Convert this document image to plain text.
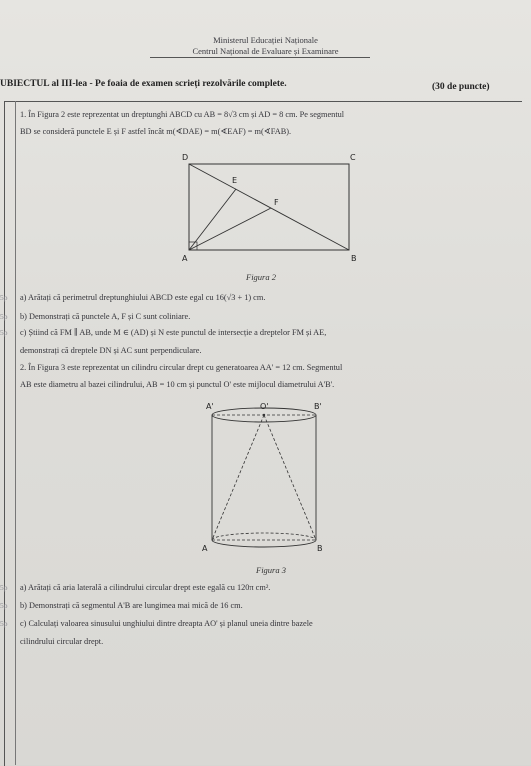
Ministerul Educației Naționale
Centrul Național de Evaluare și Examinare
UBIECTUL al III-lea - Pe foaia de examen scrieți rezolvările complete.	(30 de puncte)
1. În Figura 2 este reprezentat un dreptunghi ABCD cu AB = 8√3 cm și AD = 8 cm. Pe segmentul
BD se consideră punctele E și F astfel încât m(∢DAE) = m(∢EAF) = m(∢FAB).
D	C
E
F
A	B
Figura 2
5p a) Arătați că perimetrul dreptunghiului ABCD este egal cu 16(√3 + 1) cm.
5p b) Demonstrați că punctele A, F și C sunt coliniare.
5p c) Știind că FM ∥ AB, unde M ∈ (AD) și N este punctul de intersecție a dreptelor FM și AE,
demonstrați că dreptele DN și AC sunt perpendiculare.
2. În Figura 3 este reprezentat un cilindru circular drept cu generatoarea AA' = 12 cm. Segmentul
AB este diametru al bazei cilindrului, AB = 10 cm și punctul O' este mijlocul diametrului A'B'.
A'	O'	B'
A	B
Figura 3
5p a) Arătați că aria laterală a cilindrului circular drept este egală cu 120π cm².
5p b) Demonstrați că segmentul A'B are lungimea mai mică de 16 cm.
5p c) Calculați valoarea sinusului unghiului dintre dreapta AO' și planul uneia dintre bazele
cilindrului circular drept.
